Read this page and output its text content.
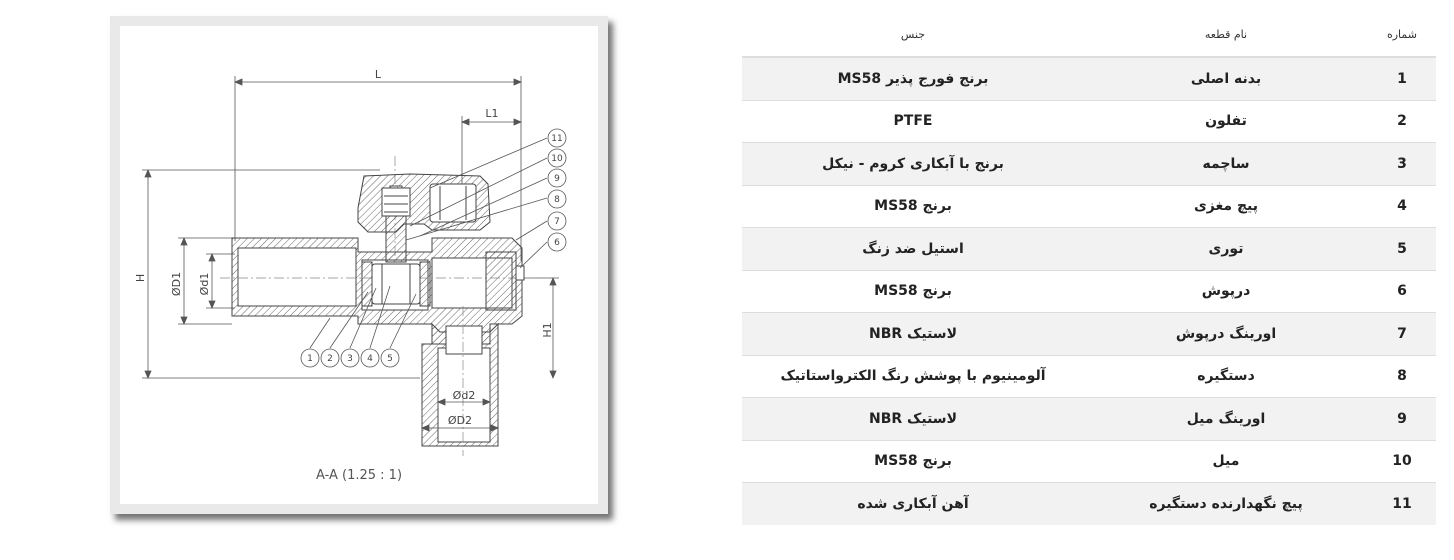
L
L1
H
H1
ØD1 Ød1
11
10
9
8
7
6
1 2 3 4 5
Ød2
ØD2
A-A (1.25 : 1)
شماره	نام قطعه	جنس
1	بدنه اصلی	برنج فورج پذیر MS58
2	تفلون	PTFE
3	ساچمه	برنج با آبکاری کروم - نیکل
4	پیچ مغزی	برنج MS58
5	توری	استیل ضد زنگ
6	درپوش	برنج MS58
7	اورینگ درپوش	لاستیک NBR
8	دستگیره	آلومینیوم با پوشش رنگ الکترواستاتیک
9	اورینگ میل	لاستیک NBR
10	میل	برنج MS58
11	پیچ نگهدارنده دستگیره	آهن آبکاری شده
